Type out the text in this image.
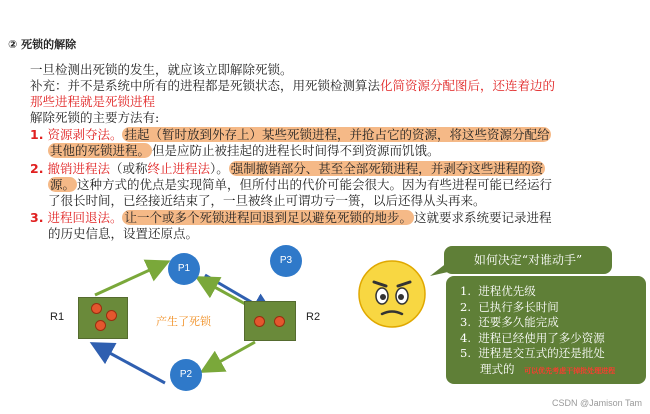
② 死锁的解除
一旦检测出死锁的发生，就应该立即解除死锁。
补充：并不是系统中所有的进程都是死锁状态，用死锁检测算法化简资源分配图后，还连着边的
那些进程就是死锁进程
解除死锁的主要方法有:
1. 资源剥夺法。 挂起（暂时放到外存上）某些死锁进程，并抢占它的资源，将这些资源分配给
其他的死锁进程。 但是应防止被挂起的进程长时间得不到资源而饥饿。
2. 撤销进程法（或称终止进程法）。 强制撤销部分、甚至全部死锁进程，并剥夺这些进程的资
源。 这种方式的优点是实现简单，但所付出的代价可能会很大。因为有些进程可能已经运行
了很长时间，已经接近结束了，一旦被终止可谓功亏一篑，以后还得从头再来。
3. 进程回退法。 让一个或多个死锁进程回退到足以避免死锁的地步。 这就要求系统要记录进程
的历史信息，设置还原点。
R1	产生了死锁	R2
P1
P3
P2
如何决定“对谁动手”
1.  进程优先级
2.  已执行多长时间
3.  还要多久能完成
4.  进程已经使用了多少资源
5.  进程是交互式的还是批处
理式的 可以优先考虑干掉批处理进程
CSDN @Jamison Tam
